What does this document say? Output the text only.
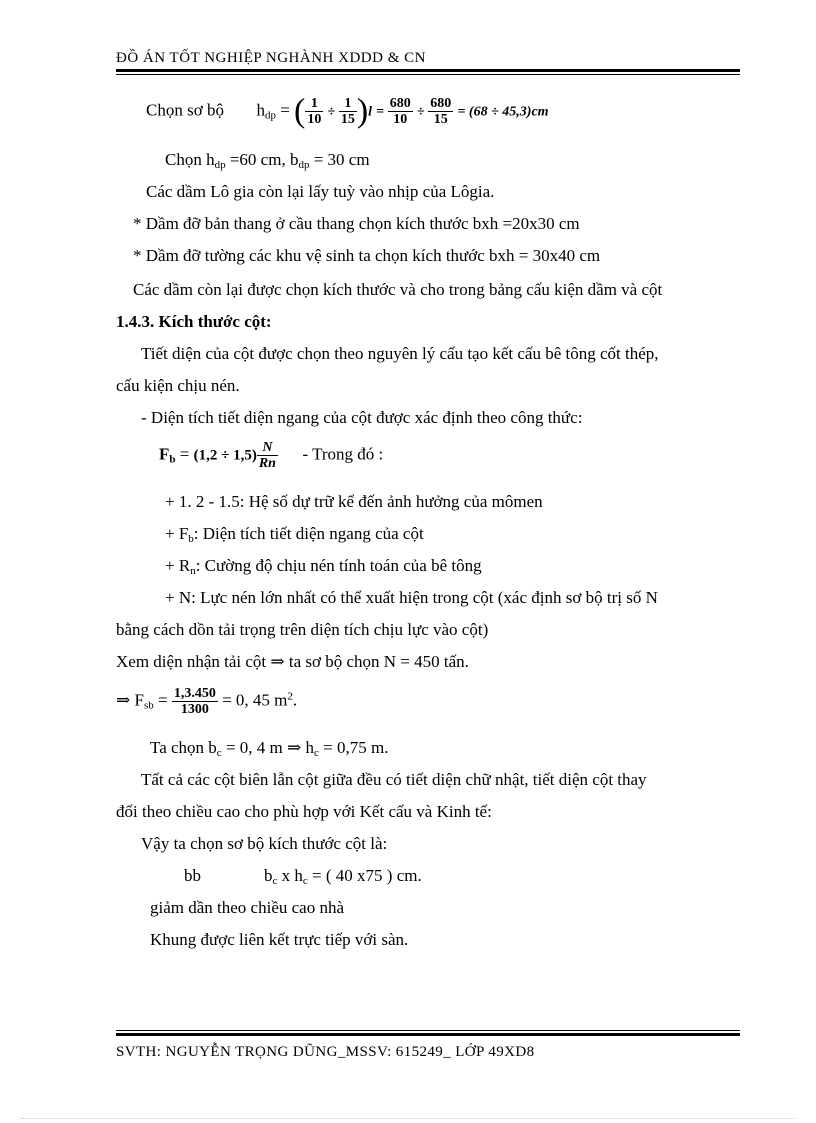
ĐỒ ÁN TỐT NGHIỆP NGHÀNH XDDD & CN
Chọn sơ bộ $h_{dp}$ = ( $\frac{1}{10} \div \frac{1}{15} )l = \frac{680}{10} \div \frac{680}{15} = (68 \div 45,3)cm$
Chọn $h_{dp} =60$ cm, $b_{dp} = 30$ cm
Các dầm Lô gia còn lại lấy tuỳ vào nhịp của Lôgia.
* Dầm đỡ bản thang ở cầu thang chọn kích thước bxh =20x30 cm
* Dầm đỡ tường các khu vệ sinh ta chọn kích thước bxh = 30x40 cm
Các dầm còn lại được chọn kích thước và cho trong bảng cấu kiện dầm và cột
1.4.3. Kích thước cột:
Tiết diện của cột được chọn theo nguyên lý cấu tạo kết cấu bê tông cốt thép,
cấu kiện chịu nén.
- Diện tích tiết diện ngang của cột được xác định theo công thức:
$F_b = (1,2 \div 1,5) \frac{N}{Rn}$ - Trong đó :
+ 1. 2 - 1.5: Hệ số dự trữ kể đến ảnh hưởng của mômen
+ $F_b$: Diện tích tiết diện ngang của cột
+ $R_n$: Cường độ chịu nén tính toán của bê tông
+ N: Lực nén lớn nhất có thể xuất hiện trong cột (xác định sơ bộ trị số N
bằng cách dồn tải trọng trên diện tích chịu lực vào cột)
Xem diện nhận tải cột ⇒ ta sơ bộ chọn N = 450 tấn.
⇒ $F_{sb} = \frac{1,3.450}{1300} = 0$, 45 $m^2$.
Ta chọn $b_c = 0$, 4 m ⇒ $h_c = 0,75$ m.
Tất cả các cột biên lẫn cột giữa đều có tiết diện chữ nhật, tiết diện cột thay
đổi theo chiều cao cho phù hợp với Kết cấu và Kinh tế:
Vậy ta chọn sơ bộ kích thước cột là:
bb	$b_c$ x $h_c$ = ( 40 x75 ) cm.
giảm dần theo chiều cao nhà
Khung được liên kết trực tiếp với sàn.
SVTH: NGUYỄN TRỌNG DŨNG_MSSV: 615249_ LỚP 49XD8
